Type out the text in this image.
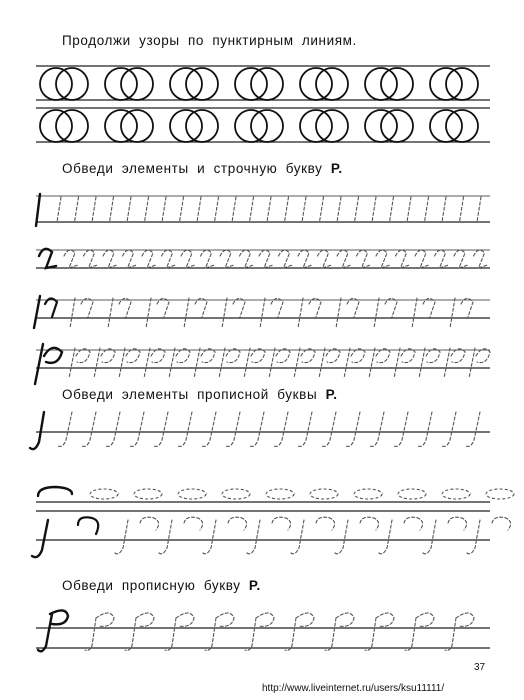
Продолжи узоры по пунктирным линиям.
Обведи элементы и строчную букву Р.
Обведи элементы прописной буквы Р.
Обведи прописную букву Р.
37
http://www.liveinternet.ru/users/ksu11111/
